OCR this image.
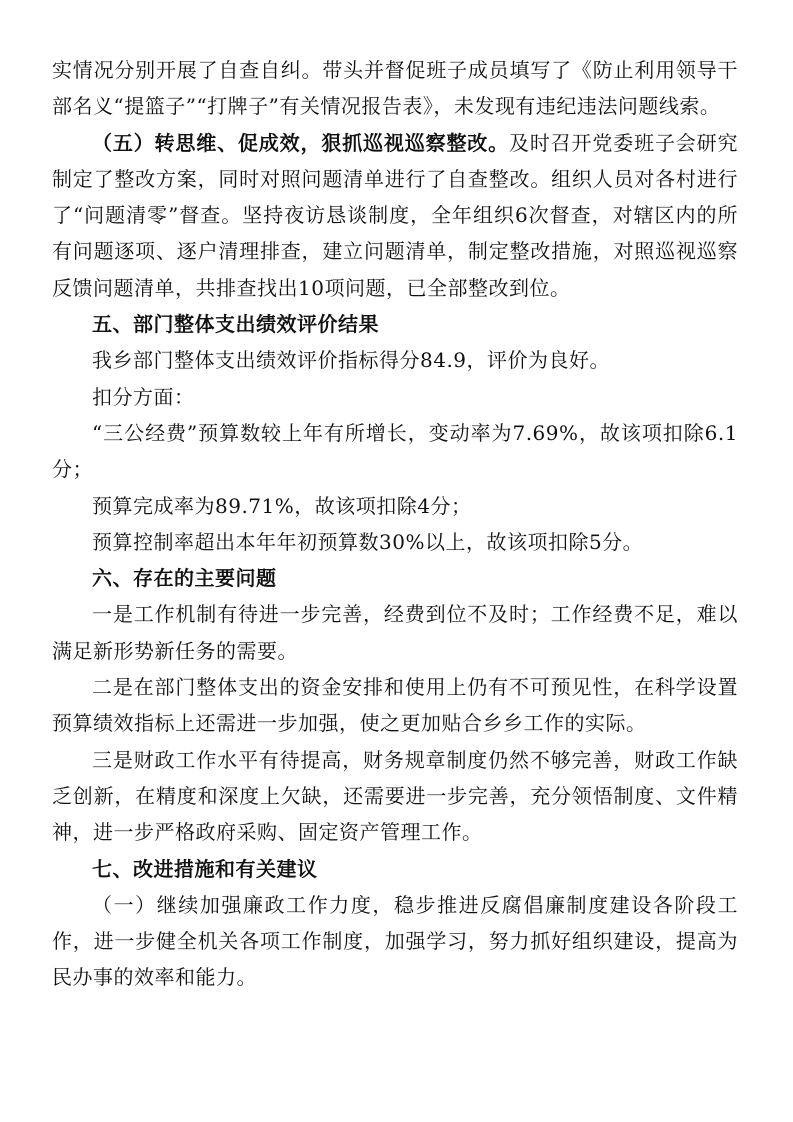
实情况分别开展了自查自纠。带头并督促班子成员填写了《防止利用领导干部名义“提篮子”“打牌子”有关情况报告表》，未发现有违纪违法问题线索。

（五）转思维、促成效，狠抓巡视巡察整改。及时召开党委班子会研究制定了整改方案，同时对照问题清单进行了自查整改。组织人员对各村进行了“问题清零”督查。坚持夜访恳谈制度，全年组织6次督查，对辖区内的所有问题逐项、逐户清理排查，建立问题清单，制定整改措施，对照巡视巡察反馈问题清单，共排查找出10项问题，已全部整改到位。

五、部门整体支出绩效评价结果

我乡部门整体支出绩效评价指标得分84.9，评价为良好。

扣分方面：

“三公经费”预算数较上年有所增长，变动率为7.69%，故该项扣除6.1分；

预算完成率为89.71%，故该项扣除4分；

预算控制率超出本年年初预算数30%以上，故该项扣除5分。

六、存在的主要问题

一是工作机制有待进一步完善，经费到位不及时；工作经费不足，难以满足新形势新任务的需要。

二是在部门整体支出的资金安排和使用上仍有不可预见性，在科学设置预算绩效指标上还需进一步加强，使之更加贴合乡乡工作的实际。

三是财政工作水平有待提高，财务规章制度仍然不够完善，财政工作缺乏创新，在精度和深度上欠缺，还需要进一步完善，充分领悟制度、文件精神，进一步严格政府采购、固定资产管理工作。

七、改进措施和有关建议

（一）继续加强廉政工作力度，稳步推进反腐倡廉制度建设各阶段工作，进一步健全机关各项工作制度，加强学习，努力抓好组织建设，提高为民办事的效率和能力。
